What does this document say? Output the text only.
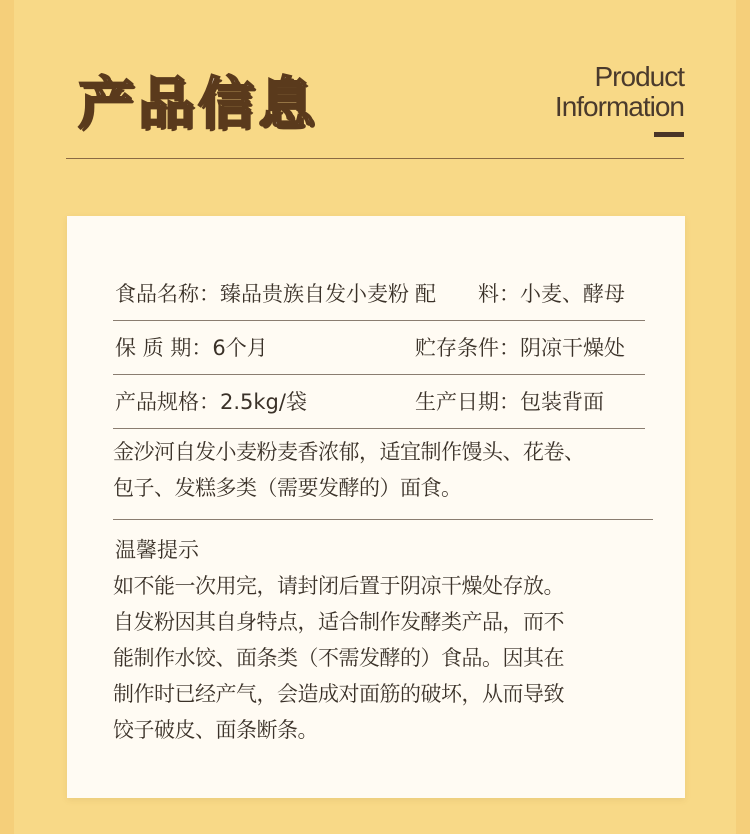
产品信息	Product
Information
食品名称：臻品贵族自发小麦粉 配　　料：小麦、酵母
保 质 期：6个月	贮存条件：阴凉干燥处
产品规格：2.5kg/袋	生产日期：包装背面
金沙河自发小麦粉麦香浓郁，适宜制作馒头、花卷、
包子、发糕多类（需要发酵的）面食。
温馨提示
如不能一次用完，请封闭后置于阴凉干燥处存放。
自发粉因其自身特点，适合制作发酵类产品，而不
能制作水饺、面条类（不需发酵的）食品。因其在
制作时已经产气，会造成对面筋的破坏，从而导致
饺子破皮、面条断条。
